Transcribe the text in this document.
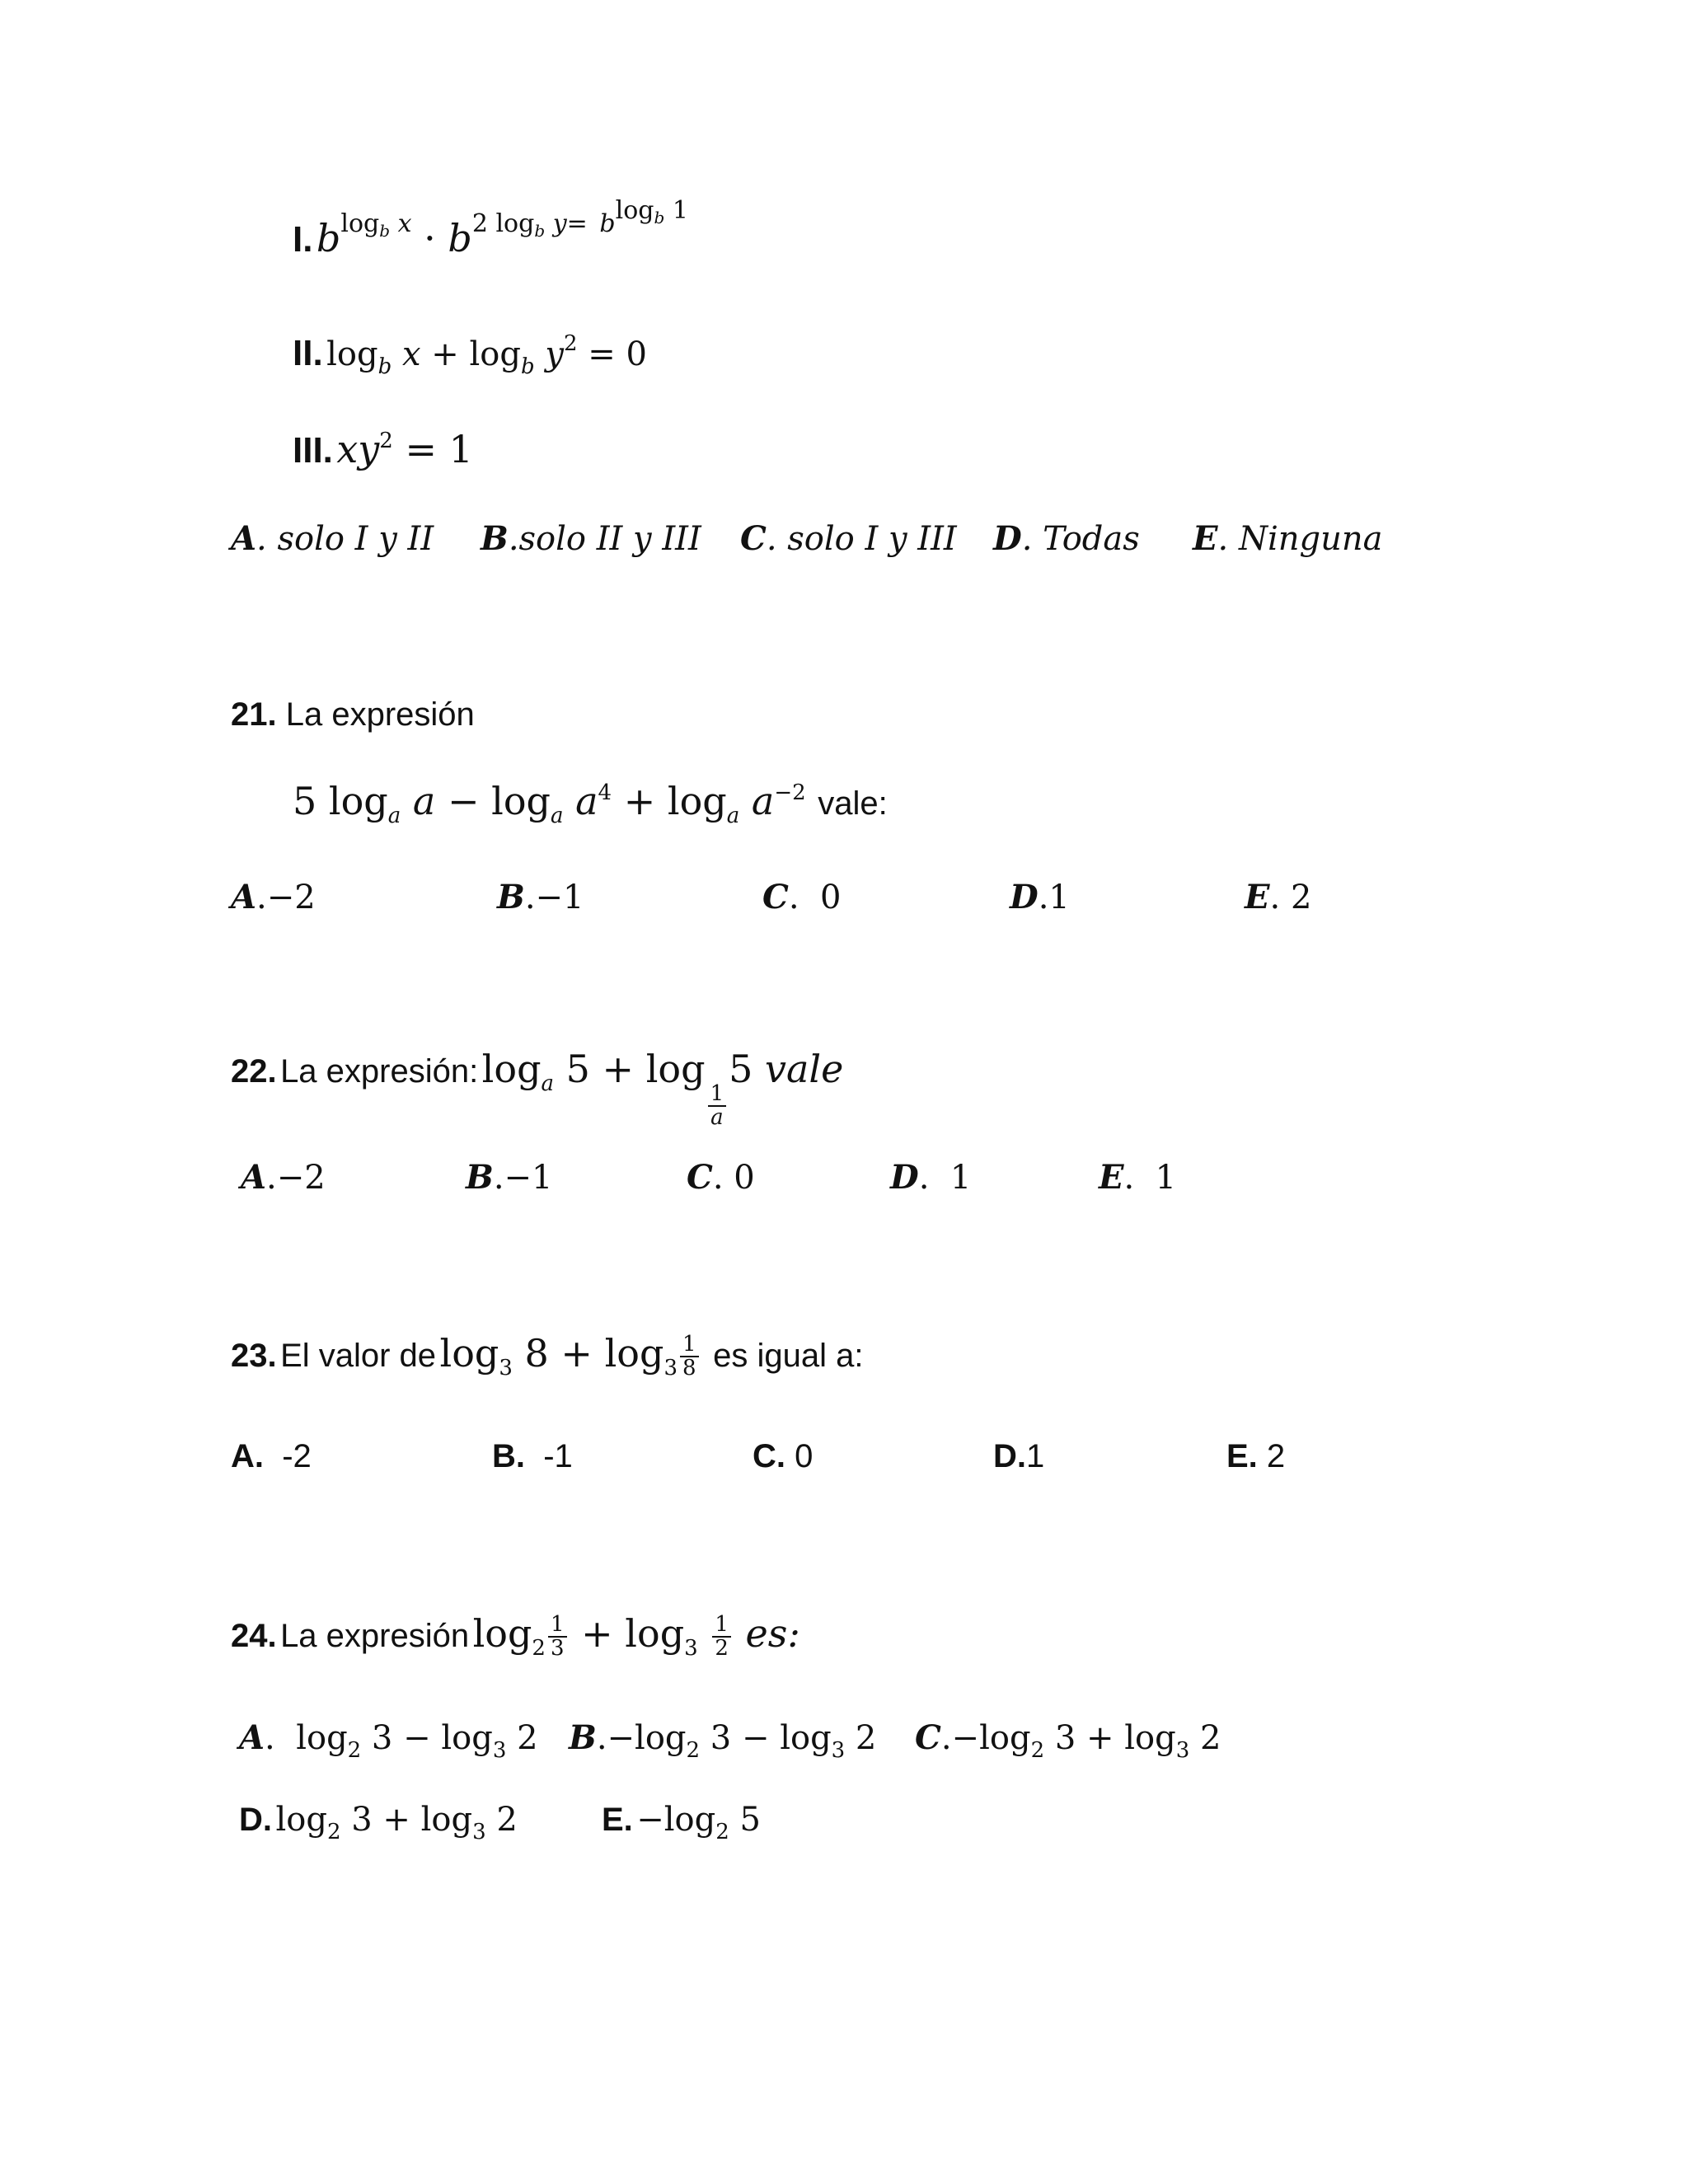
I. $b^{log_b x} \cdot b^{2 log_b y=}$ $^{blog_b 1}$
II. $\log_b x + \log_b y^2 = 0$
III. $xy^2 = 1$
A. solo I y II B.solo II y III C. solo I y III D. Todas E. Ninguna
21. La expresión
5 $\log_a a - \log_a a^4 + \log_a a^{-2}$ vale:
A.−2	B.−1	C.  0	D.1	E. 2
22. La expresión: $\log_a 5 + \log$
$\frac{1}{a}$
5 vale
A.−2	B.−1	C. 0	D.  1	E.  1
23. El valor de $\log_3 8 + \log_3 \frac{1}{8}$ es igual a:
A. -2	B. -1	C. 0	D.1	E. 2
24. La expresión $\log_2 \frac{1}{3} + \log_3 \frac{1}{2}$ es:
A.  $\log_2 3 - \log_3 2$ $B.-\log_2$ $3 - \log_3 2$ $C.-\log_2$ $3 + \log_3 2$
D. $\log_2 3 + \log_3 2$	E. $-\log_2$ 5
